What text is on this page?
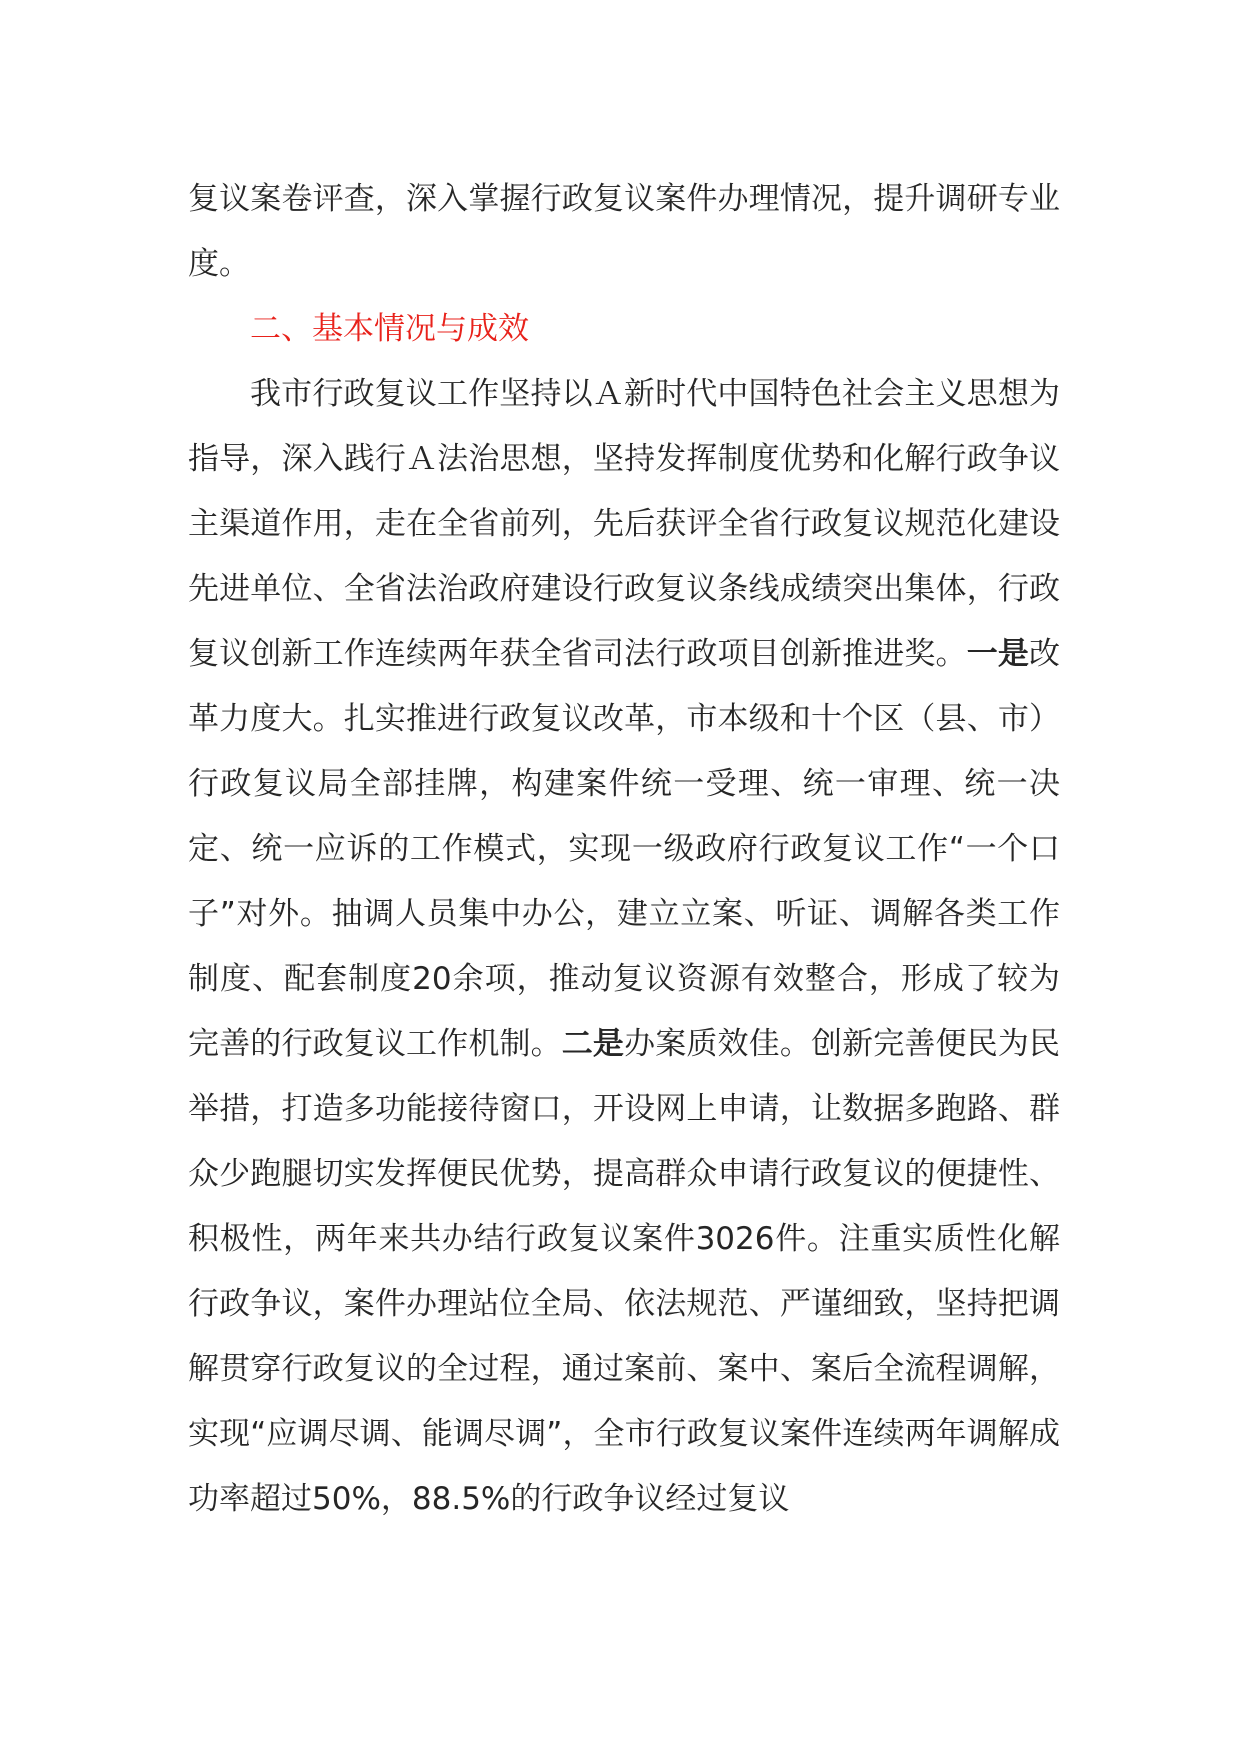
复议案卷评查，深入掌握行政复议案件办理情况，提升调研专业度。

二、基本情况与成效

我市行政复议工作坚持以Ａ新时代中国特色社会主义思想为指导，深入践行Ａ法治思想，坚持发挥制度优势和化解行政争议主渠道作用，走在全省前列，先后获评全省行政复议规范化建设先进单位、全省法治政府建设行政复议条线成绩突出集体，行政复议创新工作连续两年获全省司法行政项目创新推进奖。一是改革力度大。扎实推进行政复议改革，市本级和十个区（县、市）行政复议局全部挂牌，构建案件统一受理、统一审理、统一决定、统一应诉的工作模式，实现一级政府行政复议工作“一个口子”对外。抽调人员集中办公，建立立案、听证、调解各类工作制度、配套制度20余项，推动复议资源有效整合，形成了较为完善的行政复议工作机制。二是办案质效佳。创新完善便民为民举措，打造多功能接待窗口，开设网上申请，让数据多跑路、群众少跑腿切实发挥便民优势，提高群众申请行政复议的便捷性、积极性，两年来共办结行政复议案件3026件。注重实质性化解行政争议，案件办理站位全局、依法规范、严谨细致，坚持把调解贯穿行政复议的全过程，通过案前、案中、案后全流程调解，实现“应调尽调、能调尽调”，全市行政复议案件连续两年调解成功率超过50%，88.5%的行政争议经过复议
